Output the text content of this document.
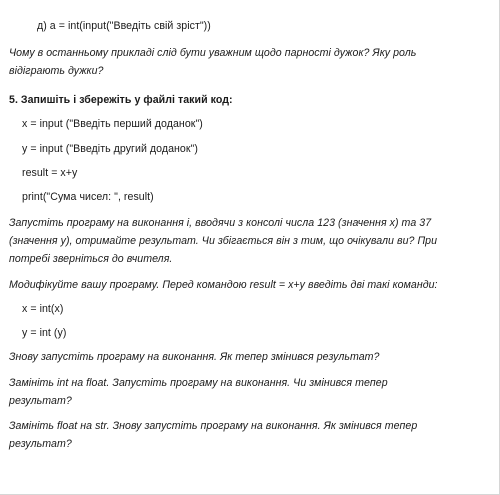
д) a = int(input("Введіть свій зріст"))
Чому в останньому прикладі слід бути уважним щодо парності дужок? Яку роль
відіграють дужки?
5. Запишіть і збережіть у файлі такий код:
x = input ("Введіть перший доданок")
y = input ("Введіть другий доданок")
result = x+y
print("Сума чисел: ", result)
Запустіть програму на виконання і, вводячи з консолі числа 123 (значення x) та 37
(значення y), отримайте результат. Чи збігається він з тим, що очікували ви? При
потребі зверніться до вчителя.
Модифікуйте вашу програму. Перед командою result = x+y введіть дві такі команди:
x = int(x)
y = int (y)
Знову запустіть програму на виконання. Як тепер змінився результат?
Замініть int на float. Запустіть програму на виконання. Чи змінився тепер
результат?
Замініть float на str. Знову запустіть програму на виконання. Як змінився тепер
результат?
